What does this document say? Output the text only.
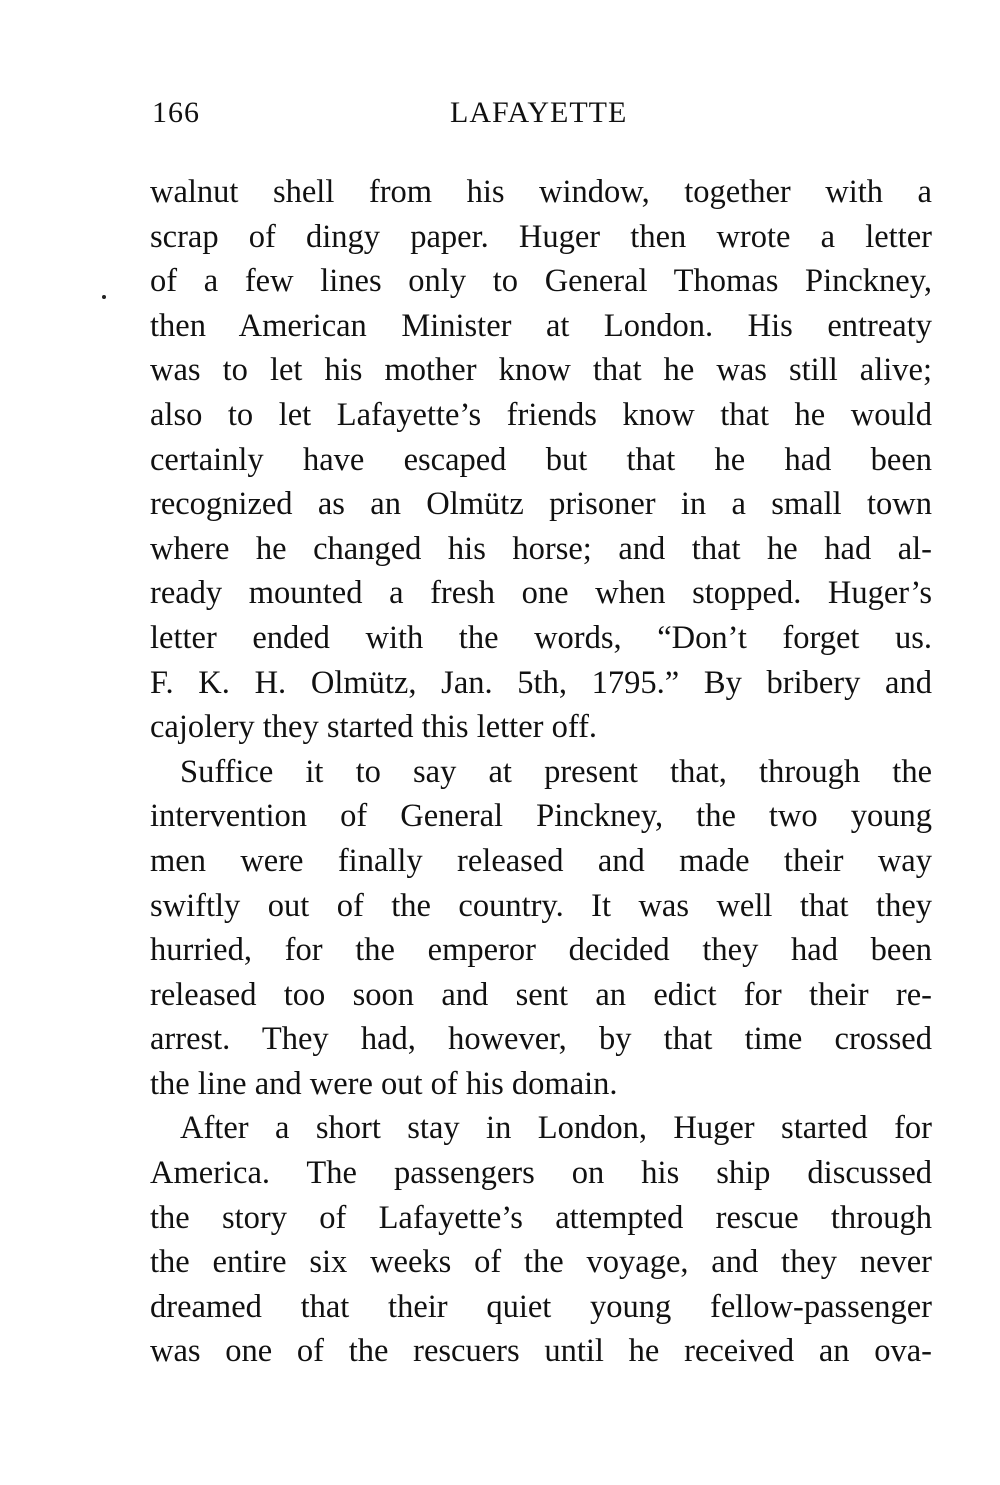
166	LAFAYETTE
walnut shell from his window, together with a
scrap of dingy paper. Huger then wrote a letter
of a few lines only to General Thomas Pinckney,
then American Minister at London. His entreaty
was to let his mother know that he was still alive;
also to let Lafayette’s friends know that he would
certainly have escaped but that he had been
recognized as an Olmütz prisoner in a small town
where he changed his horse; and that he had al-
ready mounted a fresh one when stopped. Huger’s
letter ended with the words, “Don’t forget us.
F. K. H. Olmütz, Jan. 5th, 1795.” By bribery and
cajolery they started this letter off.
Suffice it to say at present that, through the
intervention of General Pinckney, the two young
men were finally released and made their way
swiftly out of the country. It was well that they
hurried, for the emperor decided they had been
released too soon and sent an edict for their re-
arrest. They had, however, by that time crossed
the line and were out of his domain.
After a short stay in London, Huger started for
America. The passengers on his ship discussed
the story of Lafayette’s attempted rescue through
the entire six weeks of the voyage, and they never
dreamed that their quiet young fellow-passenger
was one of the rescuers until he received an ova-
